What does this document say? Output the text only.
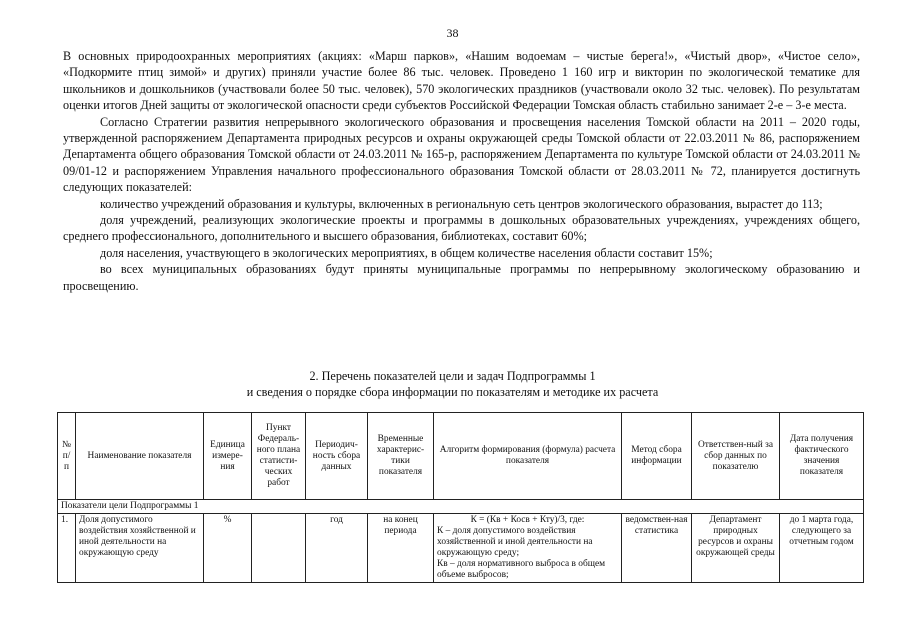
38

В основных природоохранных мероприятиях (акциях: «Марш парков», «Нашим водоемам – чистые берега!», «Чистый двор», «Чистое село», «Подкормите птиц зимой» и других) приняли участие более 86 тыс. человек. Проведено 1 160 игр и викторин по экологической тематике для школьников и дошкольников (участвовали более 50 тыс. человек), 570 экологических праздников (участвовали около 32 тыс. человек). По результатам оценки итогов Дней защиты от экологической опасности среди субъектов Российской Федерации Томская область стабильно занимает 2-е – 3-е места.

Согласно Стратегии развития непрерывного экологического образования и просвещения населения Томской области на 2011 – 2020 годы, утвержденной распоряжением Департамента природных ресурсов и охраны окружающей среды Томской области от 22.03.2011 № 86, распоряжением Департамента общего образования Томской области от 24.03.2011 № 165-р, распоряжением Департамента по культуре Томской области от 24.03.2011 № 09/01-12 и распоряжением Управления начального профессионального образования Томской области от 28.03.2011 № 72, планируется достигнуть следующих показателей:

количество учреждений образования и культуры, включенных в региональную сеть центров экологического образования, вырастет до 113;

доля учреждений, реализующих экологические проекты и программы в дошкольных образовательных учреждениях, учреждениях общего, среднего профессионального, дополнительного и высшего образования, библиотеках, составит 60%;

доля населения, участвующего в экологических мероприятиях, в общем количестве населения области составит 15%;

во всех муниципальных образованиях будут приняты муниципальные программы по непрерывному экологическому образованию и просвещению.

2. Перечень показателей цели и задач Подпрограммы 1
и сведения о порядке сбора информации по показателям и методике их расчета
№ п/п	Наименование показателя	Единица измере-ния	Пункт Федераль-ного плана статисти-ческих работ	Периодич-ность сбора данных	Временные характерис-тики показателя	Алгоритм формирования (формула) расчета показателя	Метод сбора информации	Ответствен-ный за сбор данных по показателю	Дата получения фактического значения показателя
Показатели цели Подпрограммы 1									
1.	Доля допустимого воздействия хозяйственной и иной деятельности на окружающую среду	%		год	на конец периода	К = (Кв + Косв + Кту)/3, где:
К – доля допустимого воздействия хозяйственной и иной деятельности на окружающую среду;
Кв – доля нормативного выброса в общем объеме выбросов;	ведомствен-ная статистика	Департамент природных ресурсов и охраны окружающей среды	до 1 марта года, следующего за отчетным годом
